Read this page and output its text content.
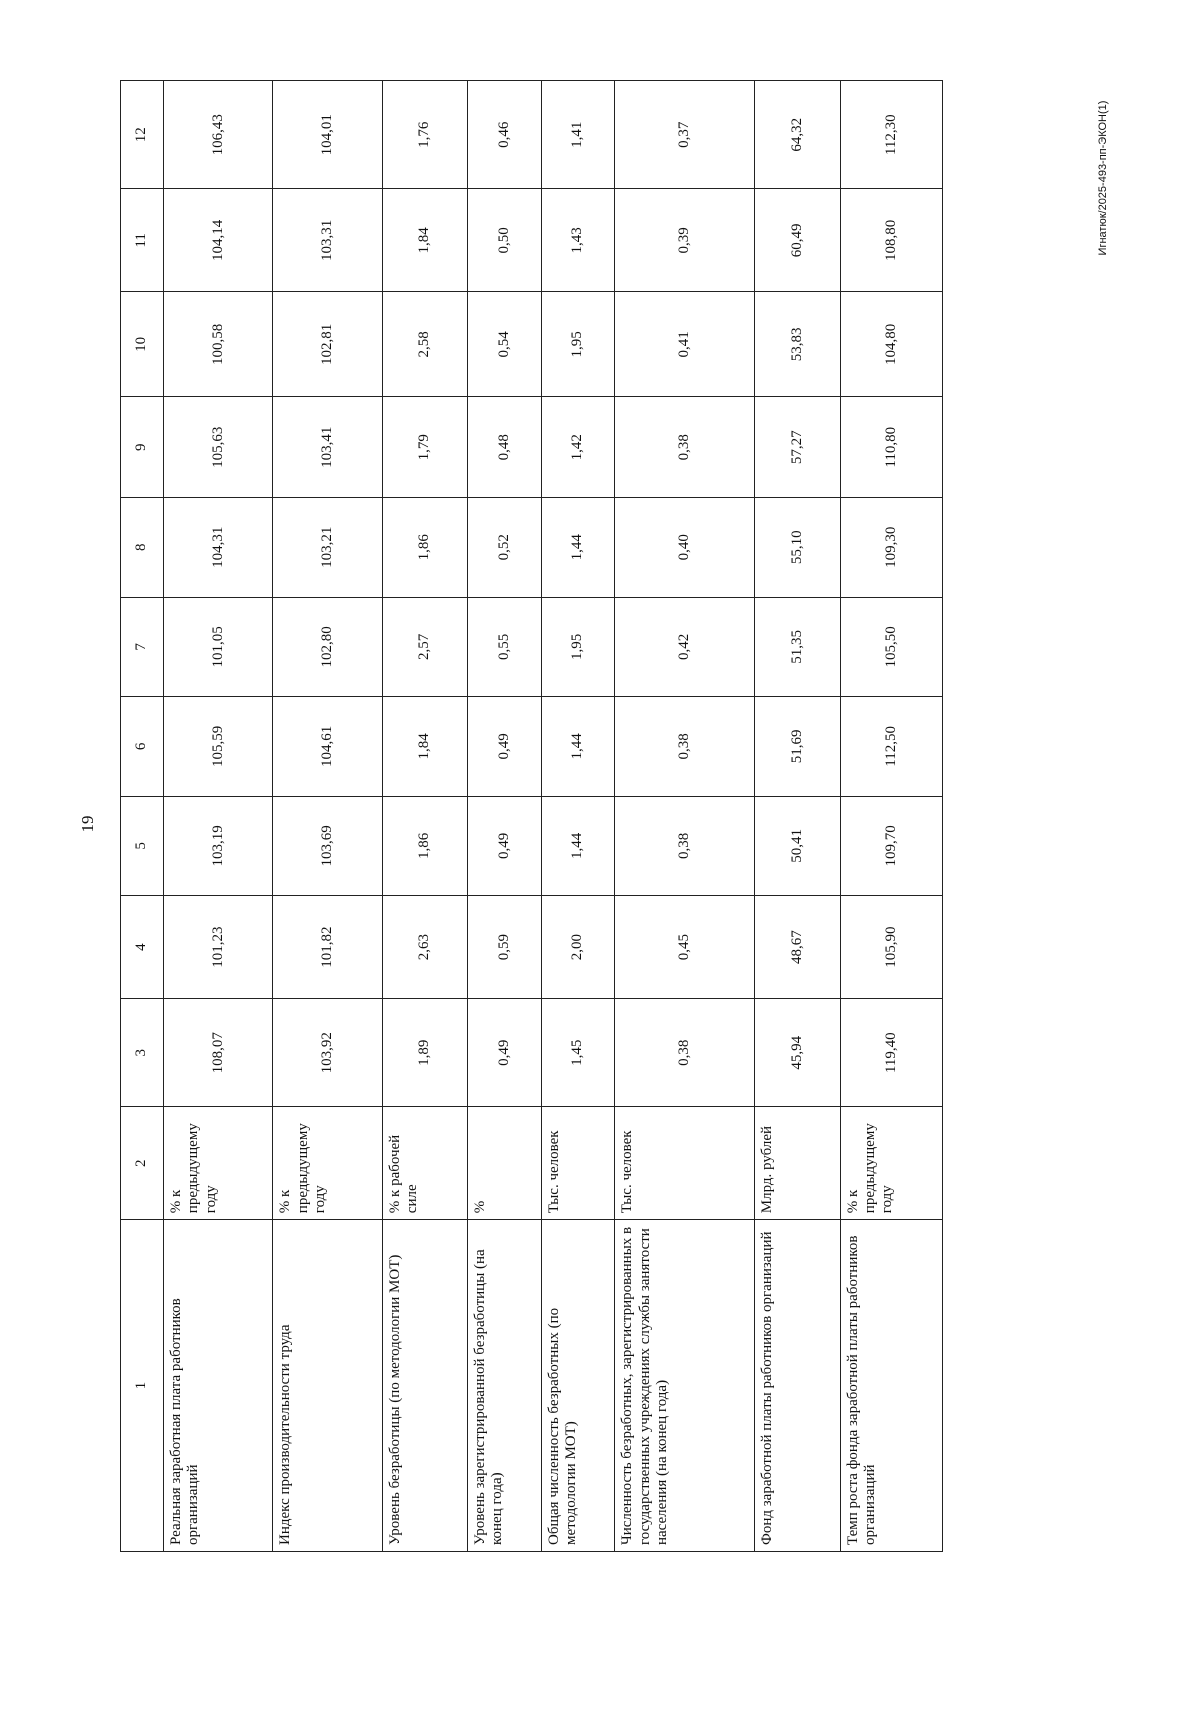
19
Игнатюк/2025-493-пп-ЭКОН(1)
1	2	3	4	5	6	7	8	9	10	11	12
Реальная заработная плата работников организаций	% к предыдущему году	108,07	101,23	103,19	105,59	101,05	104,31	105,63	100,58	104,14	106,43
Индекс производительности труда	% к предыдущему году	103,92	101,82	103,69	104,61	102,80	103,21	103,41	102,81	103,31	104,01
Уровень безработицы (по методологии МОТ)	% к рабочей силе	1,89	2,63	1,86	1,84	2,57	1,86	1,79	2,58	1,84	1,76
Уровень зарегистрированной безработицы (на конец года)	%	0,49	0,59	0,49	0,49	0,55	0,52	0,48	0,54	0,50	0,46
Общая численность безработных (по методологии МОТ)	Тыс. человек	1,45	2,00	1,44	1,44	1,95	1,44	1,42	1,95	1,43	1,41
Численность безработных, зарегистрированных в государственных учреждениях службы занятости населения (на конец года)	Тыс. человек	0,38	0,45	0,38	0,38	0,42	0,40	0,38	0,41	0,39	0,37
Фонд заработной платы работников организаций	Млрд. рублей	45,94	48,67	50,41	51,69	51,35	55,10	57,27	53,83	60,49	64,32
Темп роста фонда заработной платы работников организаций	% к предыдущему году	119,40	105,90	109,70	112,50	105,50	109,30	110,80	104,80	108,80	112,30
